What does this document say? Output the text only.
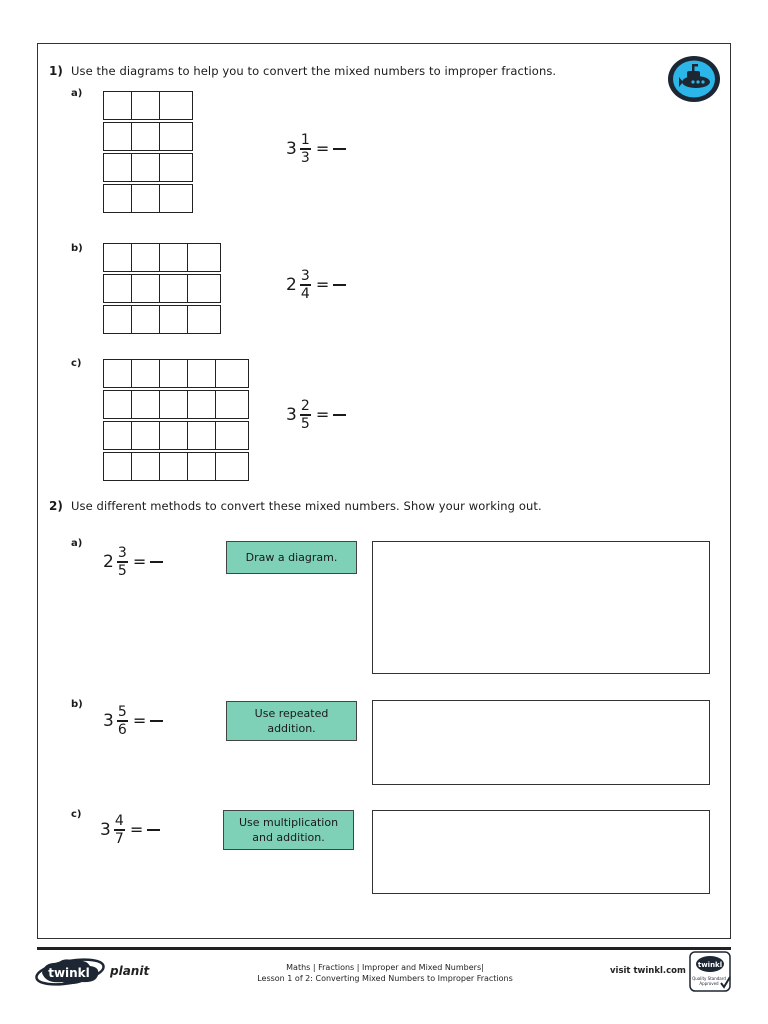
1) Use the diagrams to help you to convert the mixed numbers to improper fractions.
a)
$3 \frac{1}{3}$ =
b)
$2 \frac{3}{4}$ =
c)
$3 \frac{2}{5}$ =
2) Use different methods to convert these mixed numbers. Show your working out.
a)
$2 \frac{3}{5}$ =	Draw a diagram.
b)
$3 \frac{5}{6}$ =	Use repeated
addition.
c)
$3 \frac{4}{7}$ =	Use multiplication
and addition.
twinkl planit	Maths | Fractions | Improper and Mixed Numbers|
Lesson 1 of 2: Converting Mixed Numbers to Improper Fractions
visit twinkl.com
twinkl
Quality Standard
Approved
